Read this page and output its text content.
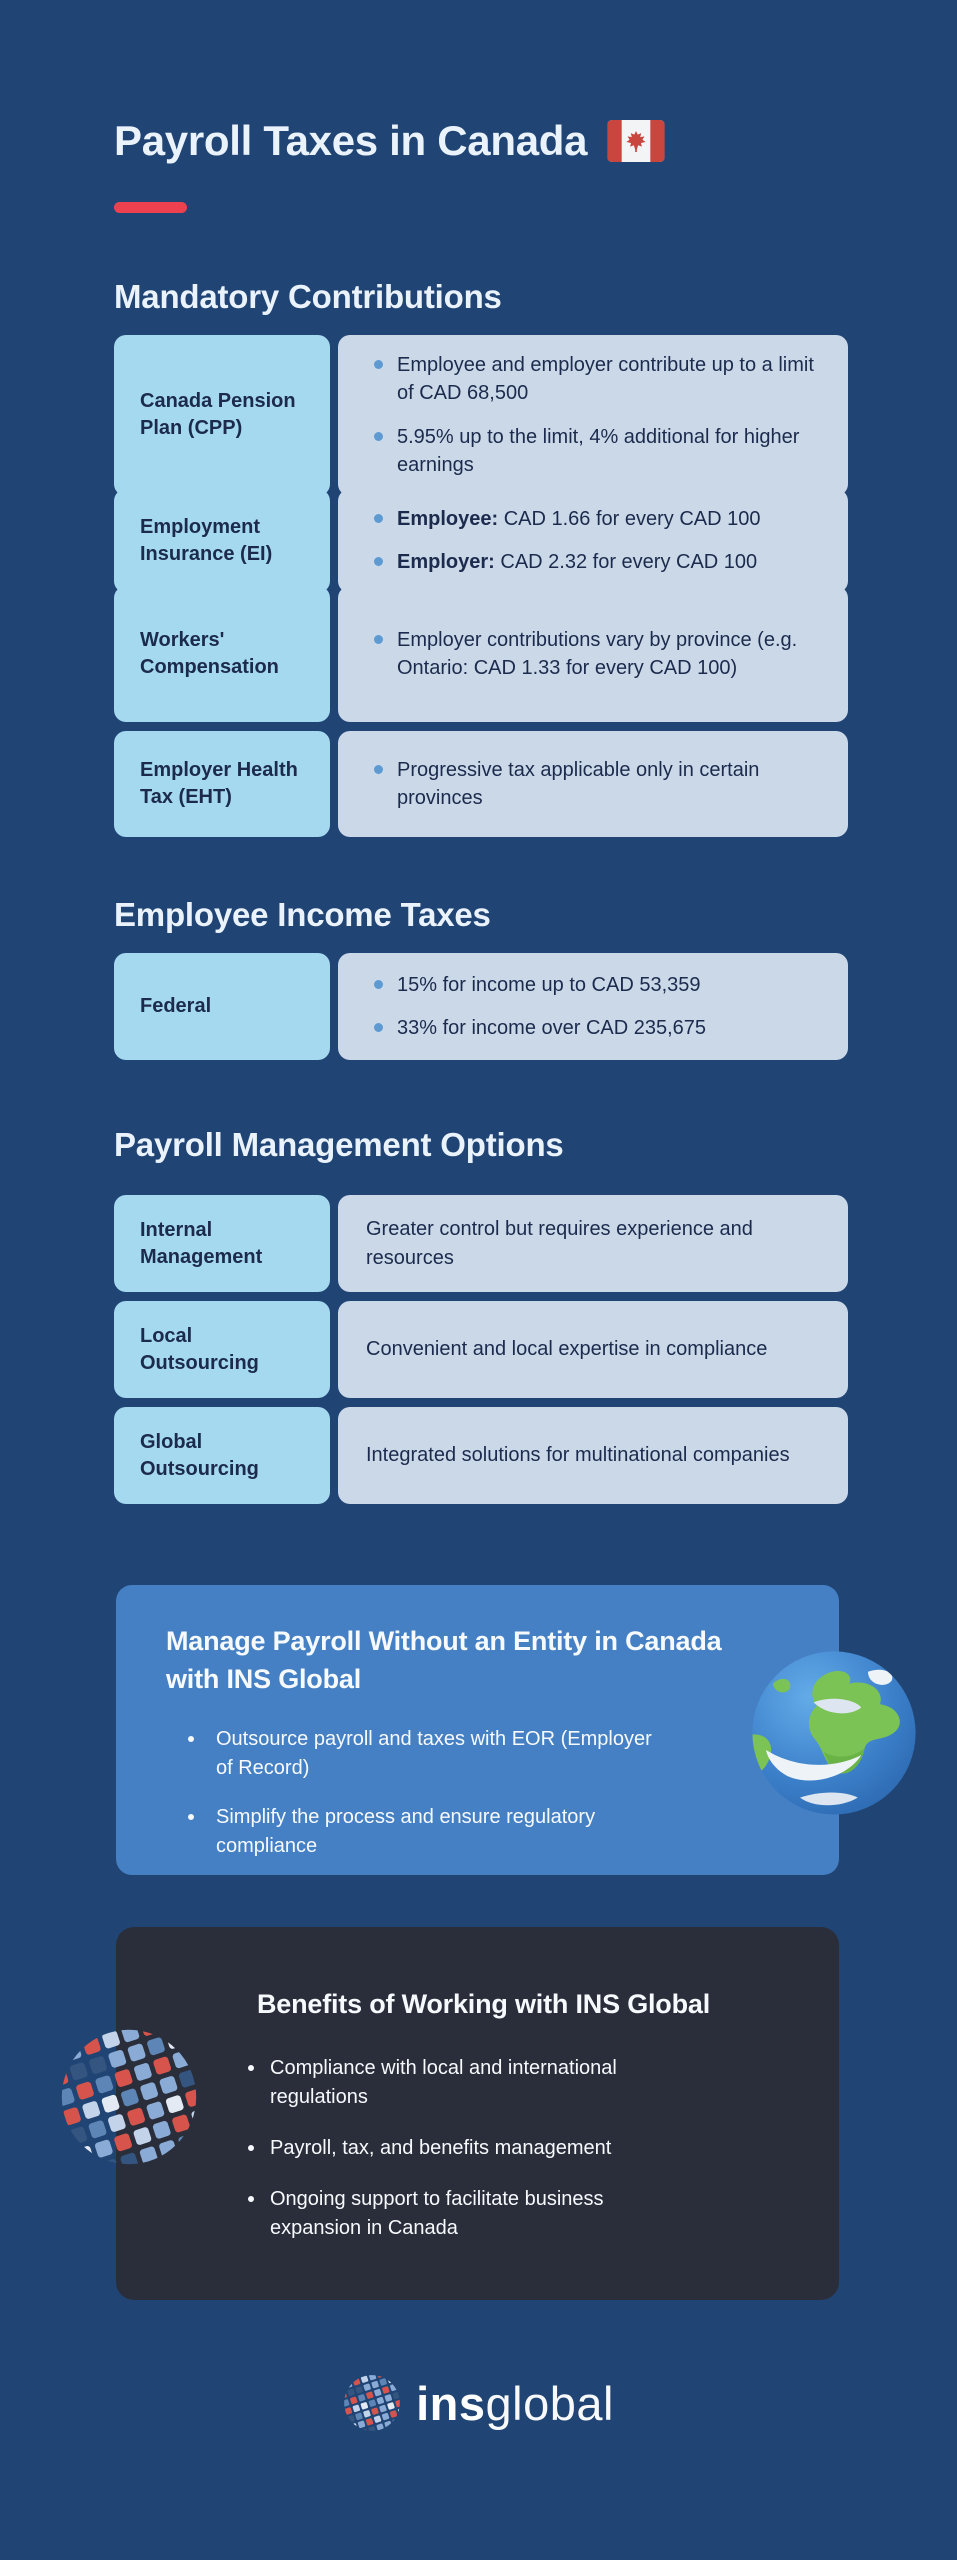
Payroll Taxes in Canada
Mandatory Contributions
Canada Pension Plan (CPP)

Employee and employer contribute up to a limit of CAD 68,500

5.95% up to the limit, 4% additional for higher earnings

Employment Insurance (EI)

Employee: CAD 1.66 for every CAD 100

Employer: CAD 2.32 for every CAD 100

Workers' Compensation

Employer contributions vary by province (e.g. Ontario: CAD 1.33 for every CAD 100)

Employer Health Tax (EHT)

Progressive tax applicable only in certain provinces

Employee Income Taxes
Federal

15% for income up to CAD 53,359

33% for income over CAD 235,675

Payroll Management Options
Internal Management

Greater control but requires experience and resources

Local Outsourcing

Convenient and local expertise in compliance

Global Outsourcing

Integrated solutions for multinational companies

Manage Payroll Without an Entity in Canada with INS Global

Outsource payroll and taxes with EOR (Employer of Record)

Simplify the process and ensure regulatory compliance

Benefits of Working with INS Global

Compliance with local and international regulations

Payroll, tax, and benefits management

Ongoing support to facilitate business expansion in Canada

insglobal
